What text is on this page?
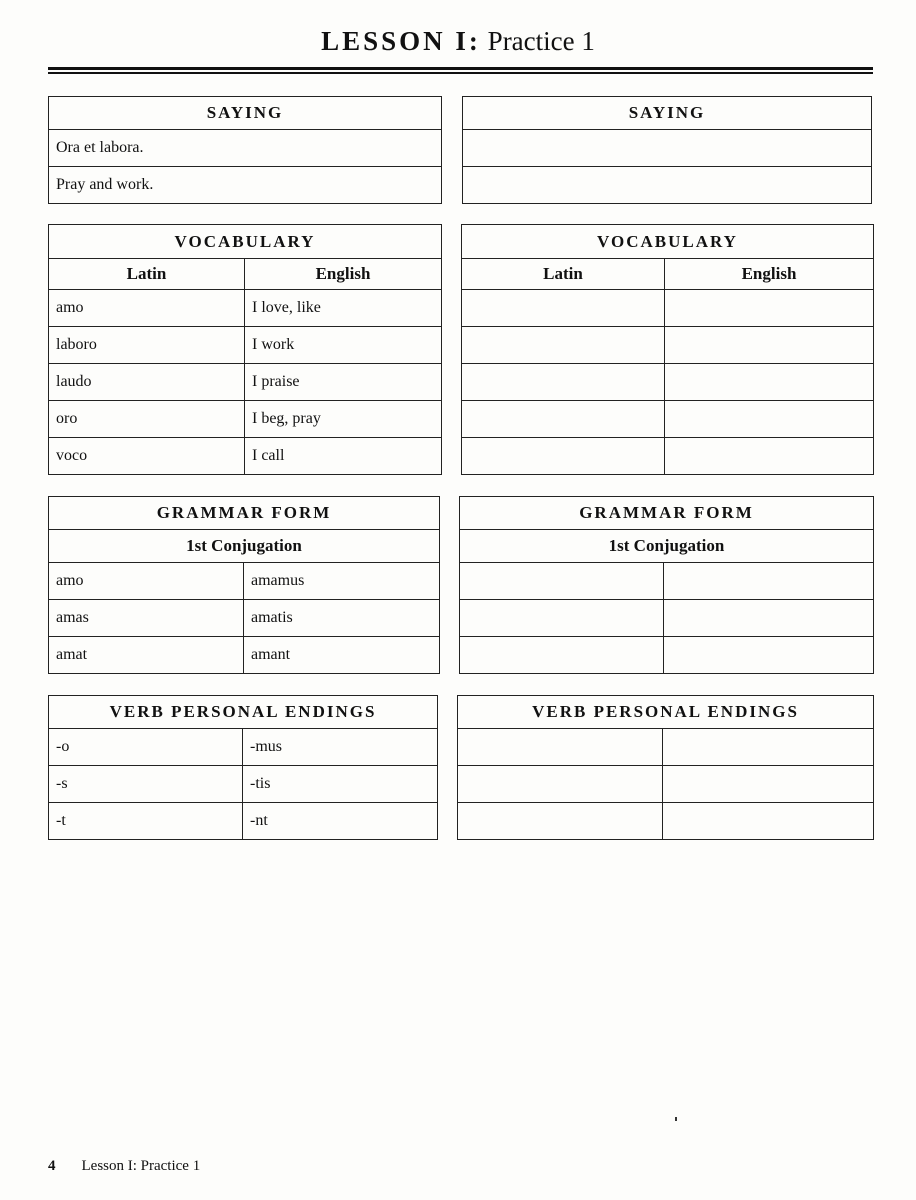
LESSON I: Practice 1
SAYING
Ora et labora.
Pray and work.
SAYING

VOCABULARY	
Latin	English
amo	I love, like
laboro	I work
laudo	I praise
oro	I beg, pray
voco	I call
VOCABULARY	
Latin	English

GRAMMAR FORM	
1st Conjugation	
amo	amamus
amas	amatis
amat	amant
GRAMMAR FORM	
1st Conjugation	

VERB PERSONAL ENDINGS	
-o	-mus
-s	-tis
-t	-nt
VERB PERSONAL ENDINGS	

4 Lesson I: Practice 1
